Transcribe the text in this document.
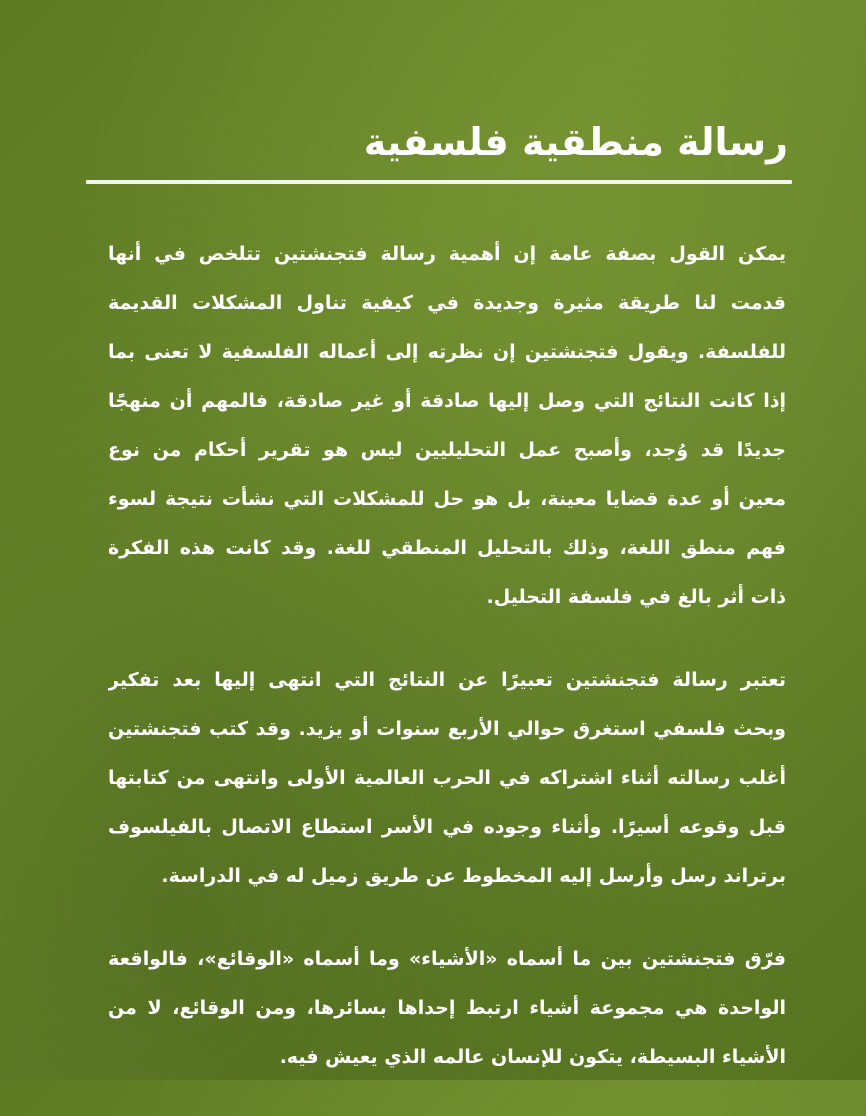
رسالة منطقية فلسفية

يمكن القول بصفة عامة إن أهمية رسالة فتجنشتين تتلخص في أنها
قدمت لنا طريقة مثيرة وجديدة في كيفية تناول المشكلات القديمة
للفلسفة. ويقول فتجنشتين إن نظرته إلى أعماله الفلسفية لا تعنى بما
إذا كانت النتائج التي وصل إليها صادقة أو غير صادقة، فالمهم أن منهجًا
جديدًا قد وُجد، وأصبح عمل التحليليين ليس هو تقرير أحكام من نوع
معين أو عدة قضايا معينة، بل هو حل للمشكلات التي نشأت نتيجة لسوء
فهم منطق اللغة، وذلك بالتحليل المنطقي للغة. وقد كانت هذه الفكرة
ذات أثر بالغ في فلسفة التحليل.

تعتبر رسالة فتجنشتين تعبيرًا عن النتائج التي انتهى إليها بعد تفكير
وبحث فلسفي استغرق حوالي الأربع سنوات أو يزيد. وقد كتب فتجنشتين
أغلب رسالته أثناء اشتراكه في الحرب العالمية الأولى وانتهى من كتابتها
قبل وقوعه أسيرًا. وأثناء وجوده في الأسر استطاع الاتصال بالفيلسوف
برتراند رسل وأرسل إليه المخطوط عن طريق زميل له في الدراسة.

فرّق فتجنشتين بين ما أسماه «الأشياء» وما أسماه «الوقائع»، فالواقعة
الواحدة هي مجموعة أشياء ارتبط إحداها بسائرها، ومن الوقائع، لا من
الأشياء البسيطة، يتكون للإنسان عالمه الذي يعيش فيه.
